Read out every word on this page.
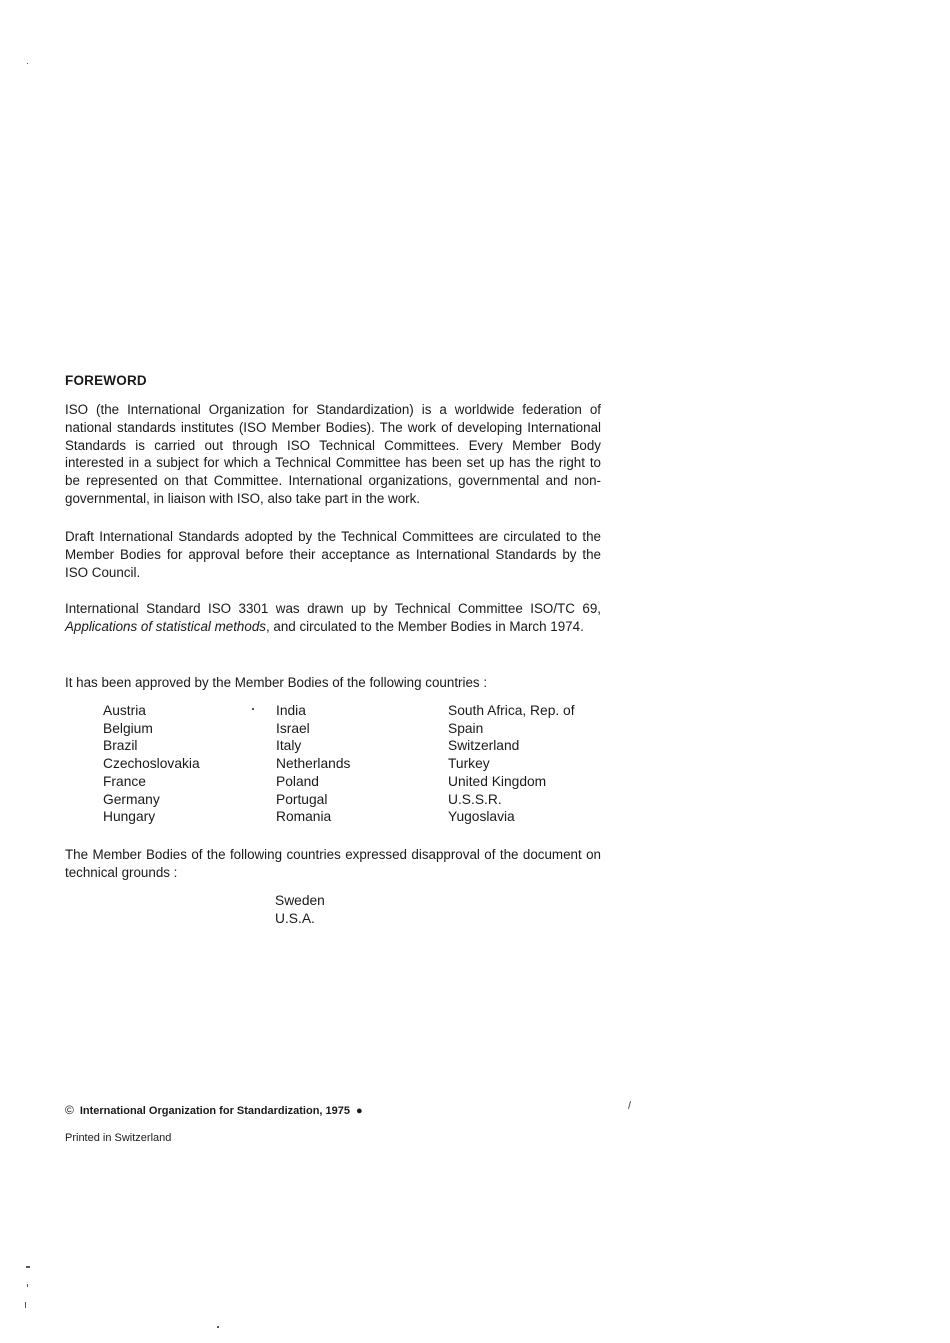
FOREWORD

ISO (the International Organization for Standardization) is a worldwide federation of national standards institutes (ISO Member Bodies). The work of developing International Standards is carried out through ISO Technical Committees. Every Member Body interested in a subject for which a Technical Committee has been set up has the right to be represented on that Committee. International organizations, governmental and non-governmental, in liaison with ISO, also take part in the work.

Draft International Standards adopted by the Technical Committees are circulated to the Member Bodies for approval before their acceptance as International Standards by the ISO Council.

International Standard ISO 3301 was drawn up by Technical Committee ISO/TC 69, Applications of statistical methods, and circulated to the Member Bodies in March 1974.

It has been approved by the Member Bodies of the following countries :

Austria
Belgium
Brazil
Czechoslovakia
France
Germany
Hungary
India
Israel
Italy
Netherlands
Poland
Portugal
Romania
South Africa, Rep. of
Spain
Switzerland
Turkey
United Kingdom
U.S.S.R.
Yugoslavia

The Member Bodies of the following countries expressed disapproval of the document on technical grounds :

Sweden
U.S.A.
© International Organization for Standardization, 1975 ●
Printed in Switzerland
